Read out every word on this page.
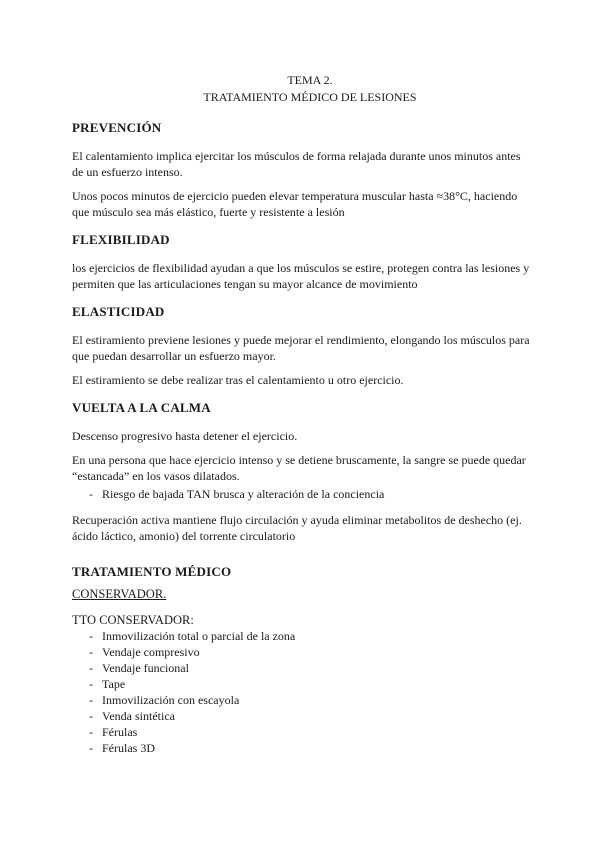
TEMA 2.
TRATAMIENTO MÉDICO DE LESIONES
PREVENCIÓN

El calentamiento implica ejercitar los músculos de forma relajada durante unos minutos antes de un esfuerzo intenso.

Unos pocos minutos de ejercicio pueden elevar temperatura muscular hasta ≈38°C, haciendo que músculo sea más elástico, fuerte y resistente a lesión

FLEXIBILIDAD

los ejercicios de flexibilidad ayudan a que los músculos se estire, protegen contra las lesiones y permiten que las articulaciones tengan su mayor alcance de movimiento

ELASTICIDAD

El estiramiento previene lesiones y puede mejorar el rendimiento, elongando los músculos para que puedan desarrollar un esfuerzo mayor.

El estiramiento se debe realizar tras el calentamiento u otro ejercicio.

VUELTA A LA CALMA

Descenso progresivo hasta detener el ejercicio.

En una persona que hace ejercicio intenso y se detiene bruscamente, la sangre se puede quedar “estancada” en los vasos dilatados.

- Riesgo de bajada TAN brusca y alteración de la conciencia

Recuperación activa mantiene flujo circulación y ayuda eliminar metabolitos de deshecho (ej. ácido láctico, amonio) del torrente circulatorio

TRATAMIENTO MÉDICO

CONSERVADOR.

TTO CONSERVADOR:

- Inmovilización total o parcial de la zona
- Vendaje compresivo
- Vendaje funcional
- Tape
- Inmovilización con escayola
- Venda sintética
- Férulas
- Férulas 3D
